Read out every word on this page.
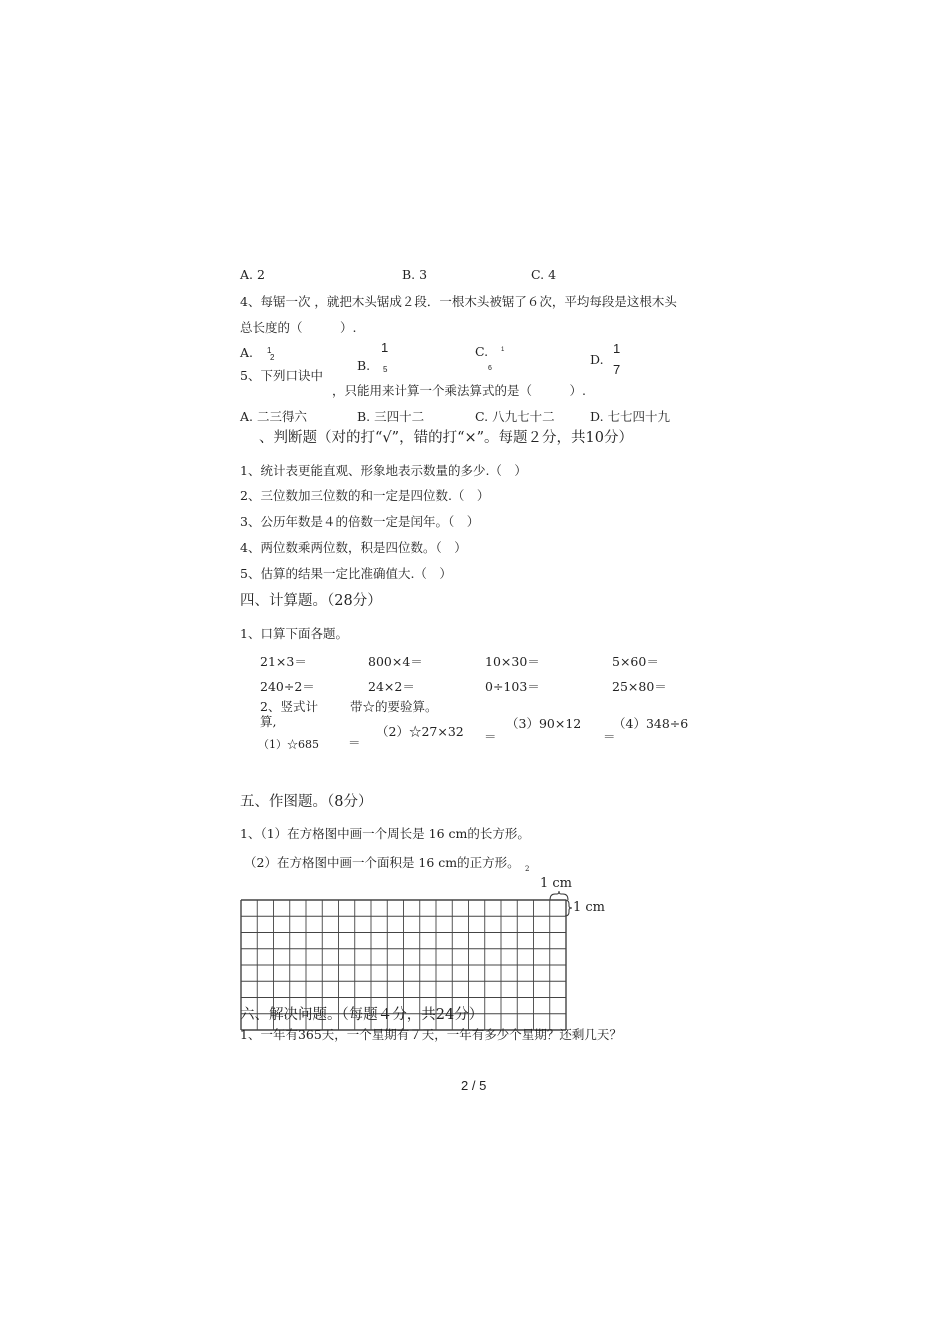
A. 2	B. 3	C. 4
4、每锯一次 ，就把木头锯成２段．一根木头被锯了６次，平均每段是这根木头
总长度的（　　　）.
A. 1
2
B.
1
5
C. 1
6
D.
1
7
5、下列口诀中
，只能用来计算一个乘法算式的是（　　　）.
A. 二三得六	B. 三四十二	C. 八九七十二	D. 七七四十九
、判断题（对的打“√”，错的打“×”。每题２分，共10分）
1、统计表更能直观、形象地表示数量的多少.（　）
2、三位数加三位数的和一定是四位数.（　）
3、公历年数是４的倍数一定是闰年。（　）
4、两位数乘两位数，积是四位数。（　）
5、估算的结果一定比准确值大.（　）
四、计算题。（28分）
1、口算下面各题。
21×3＝	800×4＝	10×30＝	5×60＝
240÷2＝	24×2＝	0÷103＝	25×80＝
2、竖式计	带☆的要验算。
算,
（1）☆685 ＝
（2）☆27×32 ＝
（3）90×12
＝
（4）348÷6
五、作图题。（8分）
1、（1）在方格图中画一个周长是 16 cm的长方形。
（2）在方格图中画一个面积是 16 cm的正方形。 2
1 cm
1 cm
六、解决问题。（每题４分，共24分）
1、一年有365天，一个星期有７天，一年有多少个星期？还剩几天？
2 / 5
